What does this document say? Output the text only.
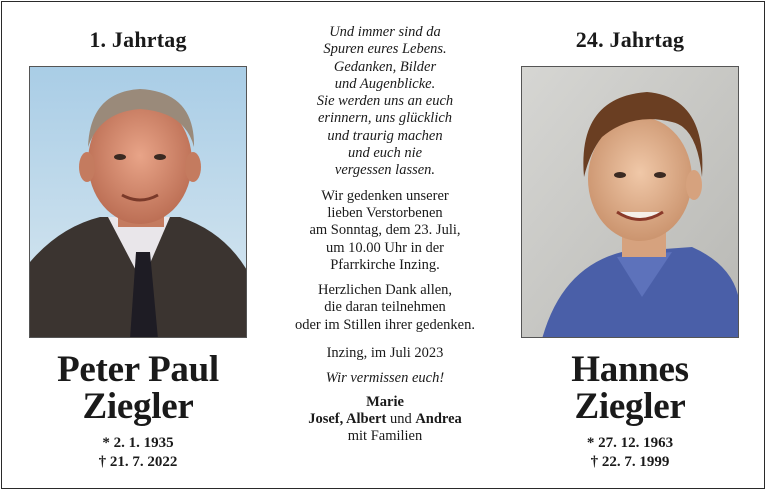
1. Jahrtag
Peter Paul
Ziegler
* 2. 1. 1935
† 21. 7. 2022

Und immer sind da

Spuren eures Lebens.

Gedanken, Bilder

und Augenblicke.

Sie werden uns an euch

erinnern, uns glücklich

und traurig machen

und euch nie

vergessen lassen.

Wir gedenken unserer

lieben Verstorbenen

am Sonntag, dem 23. Juli,

um 10.00 Uhr in der

Pfarrkirche Inzing.

Herzlichen Dank allen,

die daran teilnehmen

oder im Stillen ihrer gedenken.

Inzing, im Juli 2023

Wir vermissen euch!

Marie

Josef, Albert und Andrea

mit Familien

24. Jahrtag
Hannes
Ziegler
* 27. 12. 1963
† 22. 7. 1999
